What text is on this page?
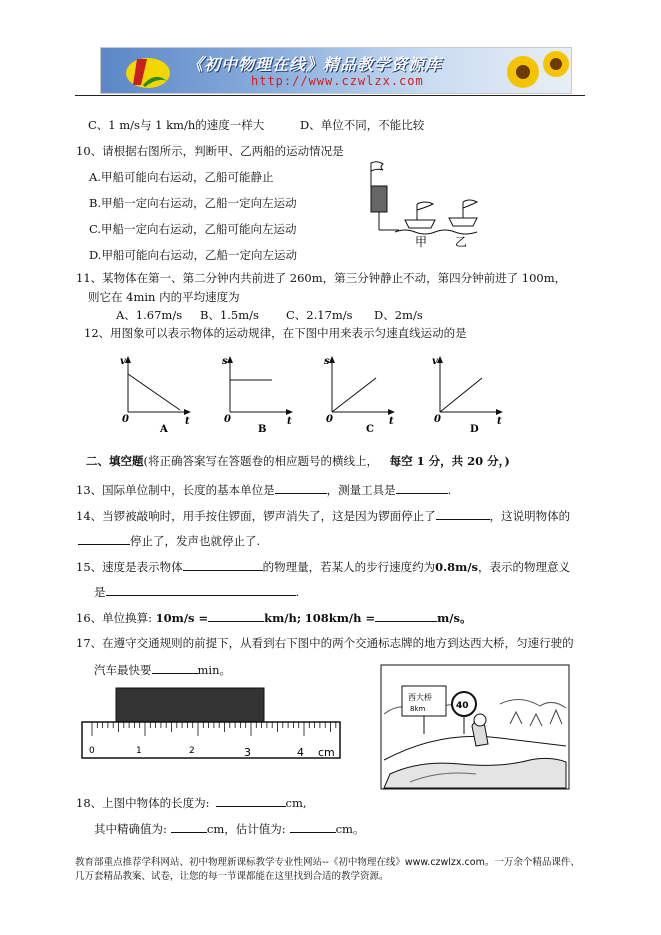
《初中物理在线》精品教学资源库
http://www.czwlzx.com
C、1 m/s与 1 km/h的速度一样大	D、单位不同，不能比较
10、请根据右图所示，判断甲、乙两船的运动情况是
A.甲船可能向右运动，乙船可能静止
B.甲船一定向右运动，乙船一定向左运动
C.甲船一定向右运动，乙船可能向左运动
D.甲船可能向右运动，乙船一定向左运动
甲 乙
11、某物体在第一、第二分钟内共前进了 260m，第三分钟静止不动，第四分钟前进了 100m，
则它在 4min 内的平均速度为
A、1.67m/s B、1.5m/s C、2.17m/s D、2m/s
12、用图象可以表示物体的运动规律，在下图中用来表示匀速直线运动的是
v
t
0
A
s
t
0
B
s
t
0
C
v
t
0
D
二、填空题(将正确答案写在答题卷的相应题号的横线上， 每空 1 分，共 20 分，)
13、国际单位制中，长度的基本单位是	，测量工具是	.
14、当锣被敲响时，用手按住锣面，锣声消失了，这是因为锣面停止了	，这说明物体的
停止了，发声也就停止了.
15、速度是表示物体	的物理量，若某人的步行速度约为0.8m/s，表示的物理意义
是	.
16、单位换算: 10m/s =	km/h; 108km/h =	m/s。
17、在遵守交通规则的前提下，从看到右下图中的两个交通标志牌的地方到达西大桥，匀速行驶的
汽车最快要	min。
0	1	2	3	4 cm
西大桥
8km	40
18、上图中物体的长度为:	cm,
其中精确值为:	cm，估计值为:	cm。
教育部重点推荐学科网站、初中物理新课标教学专业性网站--《初中物理在线》www.czwlzx.com。一万余个精品课件、
几万套精品教案、试卷，让您的每一节课都能在这里找到合适的教学资源。
